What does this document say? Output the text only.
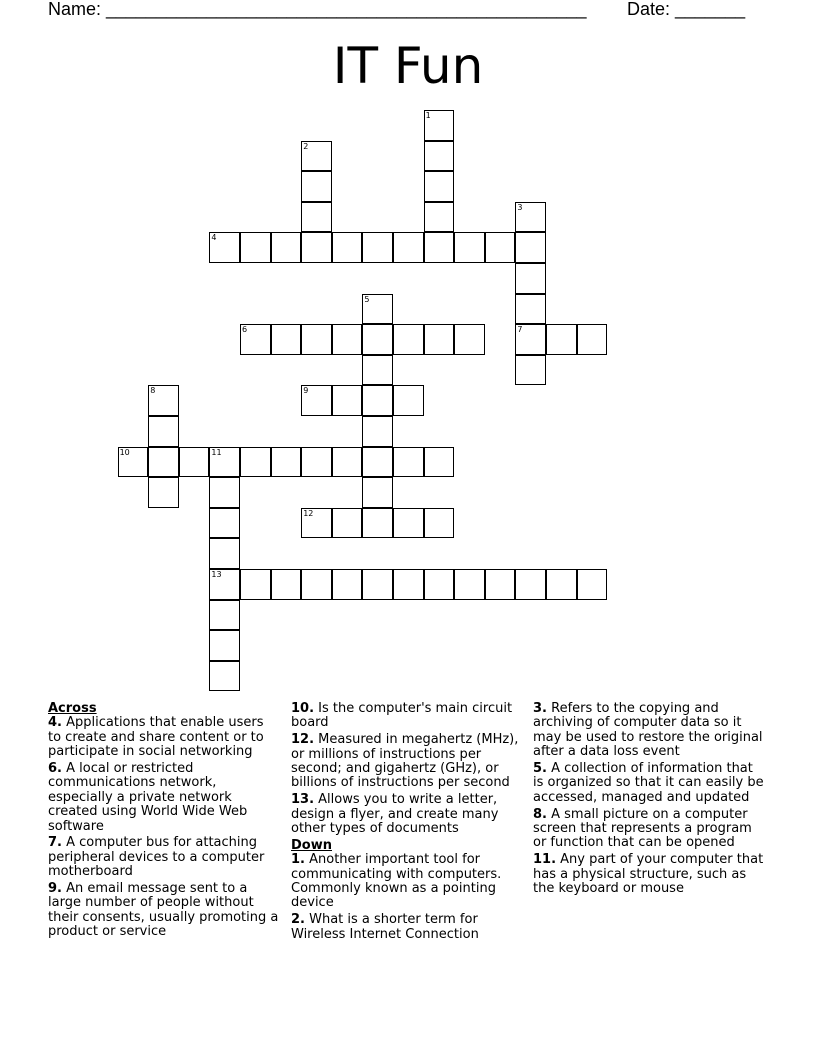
Name: ________________________________________________ Date: _______
IT Fun
1
2
3
4
5
6	7
8	9
10	11
12
13
Across
4. Applications that enable users to create and share content or to participate in social networking
6. A local or restricted communications network, especially a private network created using World Wide Web software
7. A computer bus for attaching peripheral devices to a computer motherboard
9. An email message sent to a large number of people without their consents, usually promoting a product or service
10. Is the computer's main circuit board
12. Measured in megahertz (MHz), or millions of instructions per second; and gigahertz (GHz), or billions of instructions per second
13. Allows you to write a letter, design a flyer, and create many other types of documents
Down
1. Another important tool for communicating with computers. Commonly known as a pointing device
2. What is a shorter term for Wireless Internet Connection
3. Refers to the copying and archiving of computer data so it may be used to restore the original after a data loss event
5. A collection of information that is organized so that it can easily be accessed, managed and updated
8. A small picture on a computer screen that represents a program or function that can be opened
11. Any part of your computer that has a physical structure, such as the keyboard or mouse
